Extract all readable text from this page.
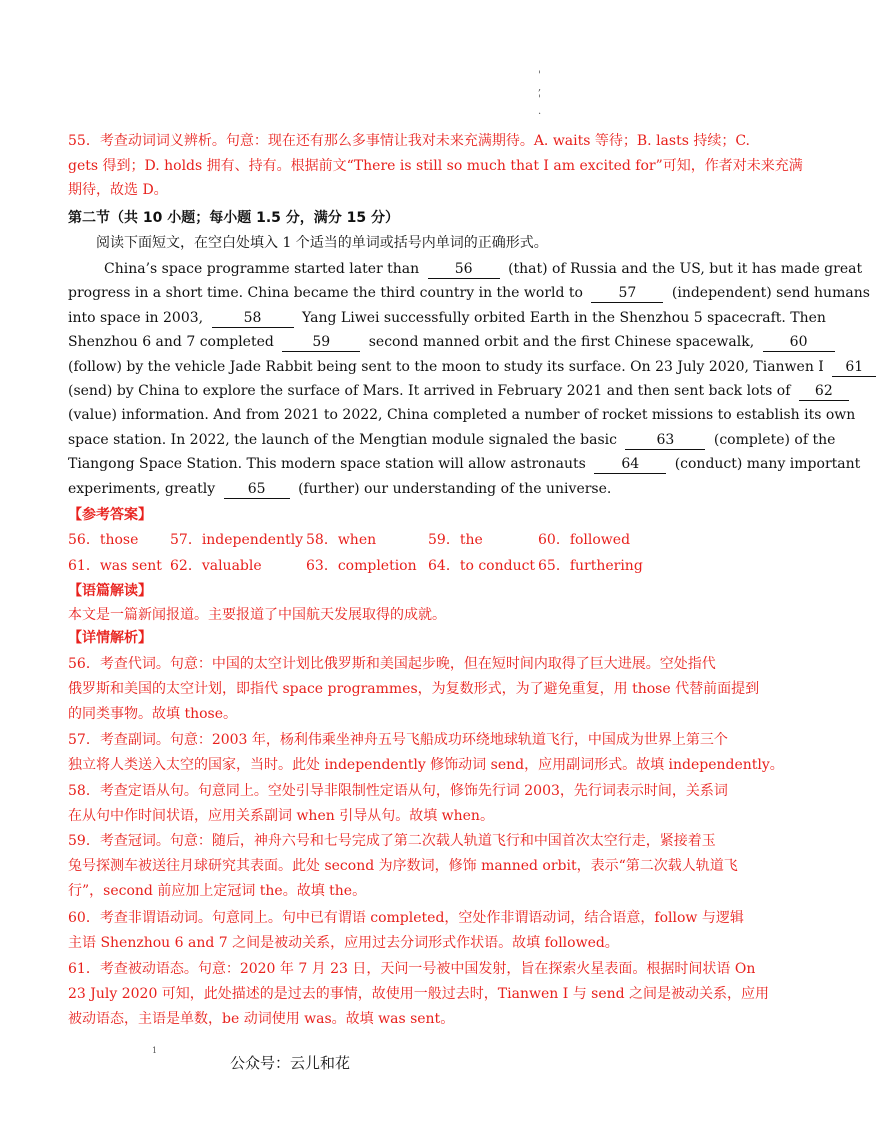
'
,
'
.
55．考查动词词义辨析。句意：现在还有那么多事情让我对未来充满期待。A. waits 等待；B. lasts 持续；C.
gets 得到；D. holds 拥有、持有。根据前文“There is still so much that I am excited for”可知，作者对未来充满
期待，故选 D。
第二节（共 10 小题；每小题 1.5 分，满分 15 分）
阅读下面短文，在空白处填入 1 个适当的单词或括号内单词的正确形式。
China’s space programme started later than	56	(that) of Russia and the US, but it has made great
progress in a short time. China became the third country in the world to	57	(independent) send humans
into space in 2003,	58	Yang Liwei successfully orbited Earth in the Shenzhou 5 spacecraft. Then
Shenzhou 6 and 7 completed	59	second manned orbit and the first Chinese spacewalk,	60
(follow) by the vehicle Jade Rabbit being sent to the moon to study its surface. On 23 July 2020, Tianwen I 61
(send) by China to explore the surface of Mars. It arrived in February 2021 and then sent back lots of 62
(value) information. And from 2021 to 2022, China completed a number of rocket missions to establish its own
space station. In 2022, the launch of the Mengtian module signaled the basic	63	(complete) of the
Tiangong Space Station. This modern space station will allow astronauts	64	(conduct) many important
experiments, greatly 65 (further) our understanding of the universe.
【参考答案】
56．those	57．independently 58．when	59．the	60．followed
61．was sent 62．valuable	63．completion 64．to conduct 65．furthering
【语篇解读】
本文是一篇新闻报道。主要报道了中国航天发展取得的成就。
【详情解析】
56．考查代词。句意：中国的太空计划比俄罗斯和美国起步晚，但在短时间内取得了巨大进展。空处指代
俄罗斯和美国的太空计划，即指代 space programmes，为复数形式，为了避免重复，用 those 代替前面提到
的同类事物。故填 those。
57．考查副词。句意：2003 年，杨利伟乘坐神舟五号飞船成功环绕地球轨道飞行，中国成为世界上第三个
独立将人类送入太空的国家，当时。此处 independently 修饰动词 send，应用副词形式。故填 independently。
58．考查定语从句。句意同上。空处引导非限制性定语从句，修饰先行词 2003，先行词表示时间，关系词
在从句中作时间状语，应用关系副词 when 引导从句。故填 when。
59．考查冠词。句意：随后，神舟六号和七号完成了第二次载人轨道飞行和中国首次太空行走，紧接着玉
兔号探测车被送往月球研究其表面。此处 second 为序数词，修饰 manned orbit，表示“第二次载人轨道飞
行”，second 前应加上定冠词 the。故填 the。
60．考查非谓语动词。句意同上。句中已有谓语 completed，空处作非谓语动词，结合语意，follow 与逻辑
主语 Shenzhou 6 and 7 之间是被动关系，应用过去分词形式作状语。故填 followed。
61．考查被动语态。句意：2020 年 7 月 23 日，天问一号被中国发射，旨在探索火星表面。根据时间状语 On
23 July 2020 可知，此处描述的是过去的事情，故使用一般过去时，Tianwen I 与 send 之间是被动关系，应用
被动语态，主语是单数，be 动词使用 was。故填 was sent。
1
公众号：云儿和花
